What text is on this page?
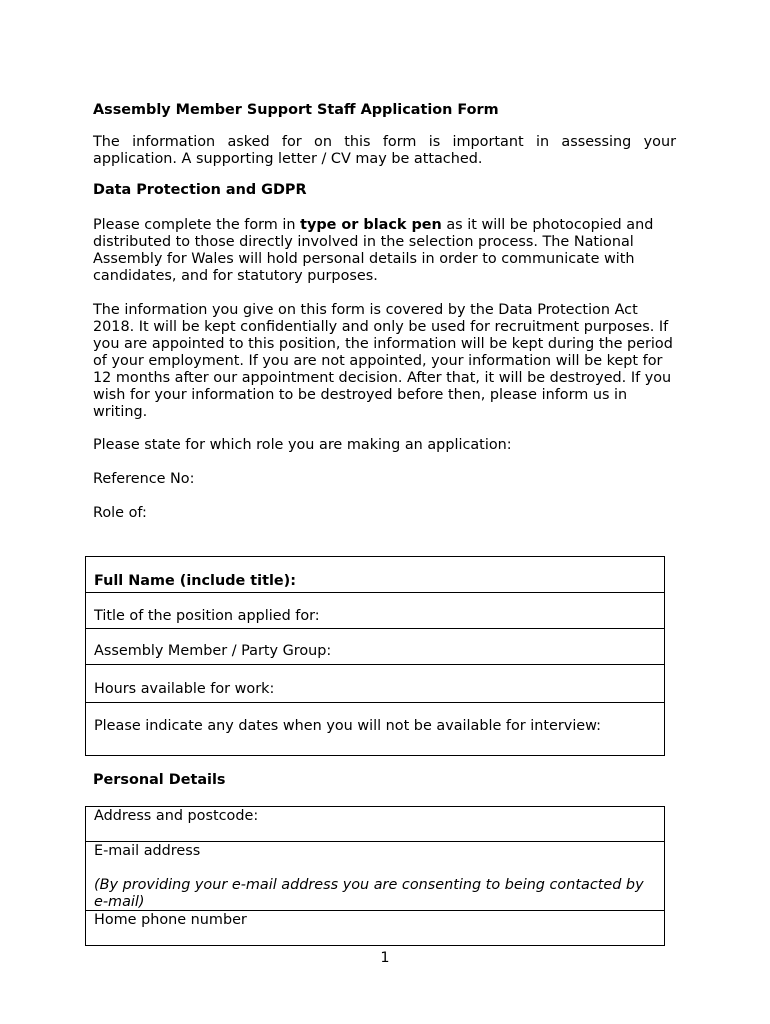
Assembly Member Support Staff Application Form

The information asked for on this form is important in assessing your application. A supporting letter / CV may be attached.

Data Protection and GDPR

Please complete the form in type or black pen as it will be photocopied and distributed to those directly involved in the selection process. The National Assembly for Wales will hold personal details in order to communicate with candidates, and for statutory purposes.

The information you give on this form is covered by the Data Protection Act 2018. It will be kept confidentially and only be used for recruitment purposes. If you are appointed to this position, the information will be kept during the period of your employment. If you are not appointed, your information will be kept for 12 months after our appointment decision. After that, it will be destroyed. If you wish for your information to be destroyed before then, please inform us in writing.

Please state for which role you are making an application:

Reference No:

Role of:

Full Name (include title):
Title of the position applied for:
Assembly Member / Party Group:
Hours available for work:
Please indicate any dates when you will not be available for interview:

Personal Details

Address and postcode:
E-mail address
(By providing your e-mail address you are consenting to being contacted by e-mail)
Home phone number
1
